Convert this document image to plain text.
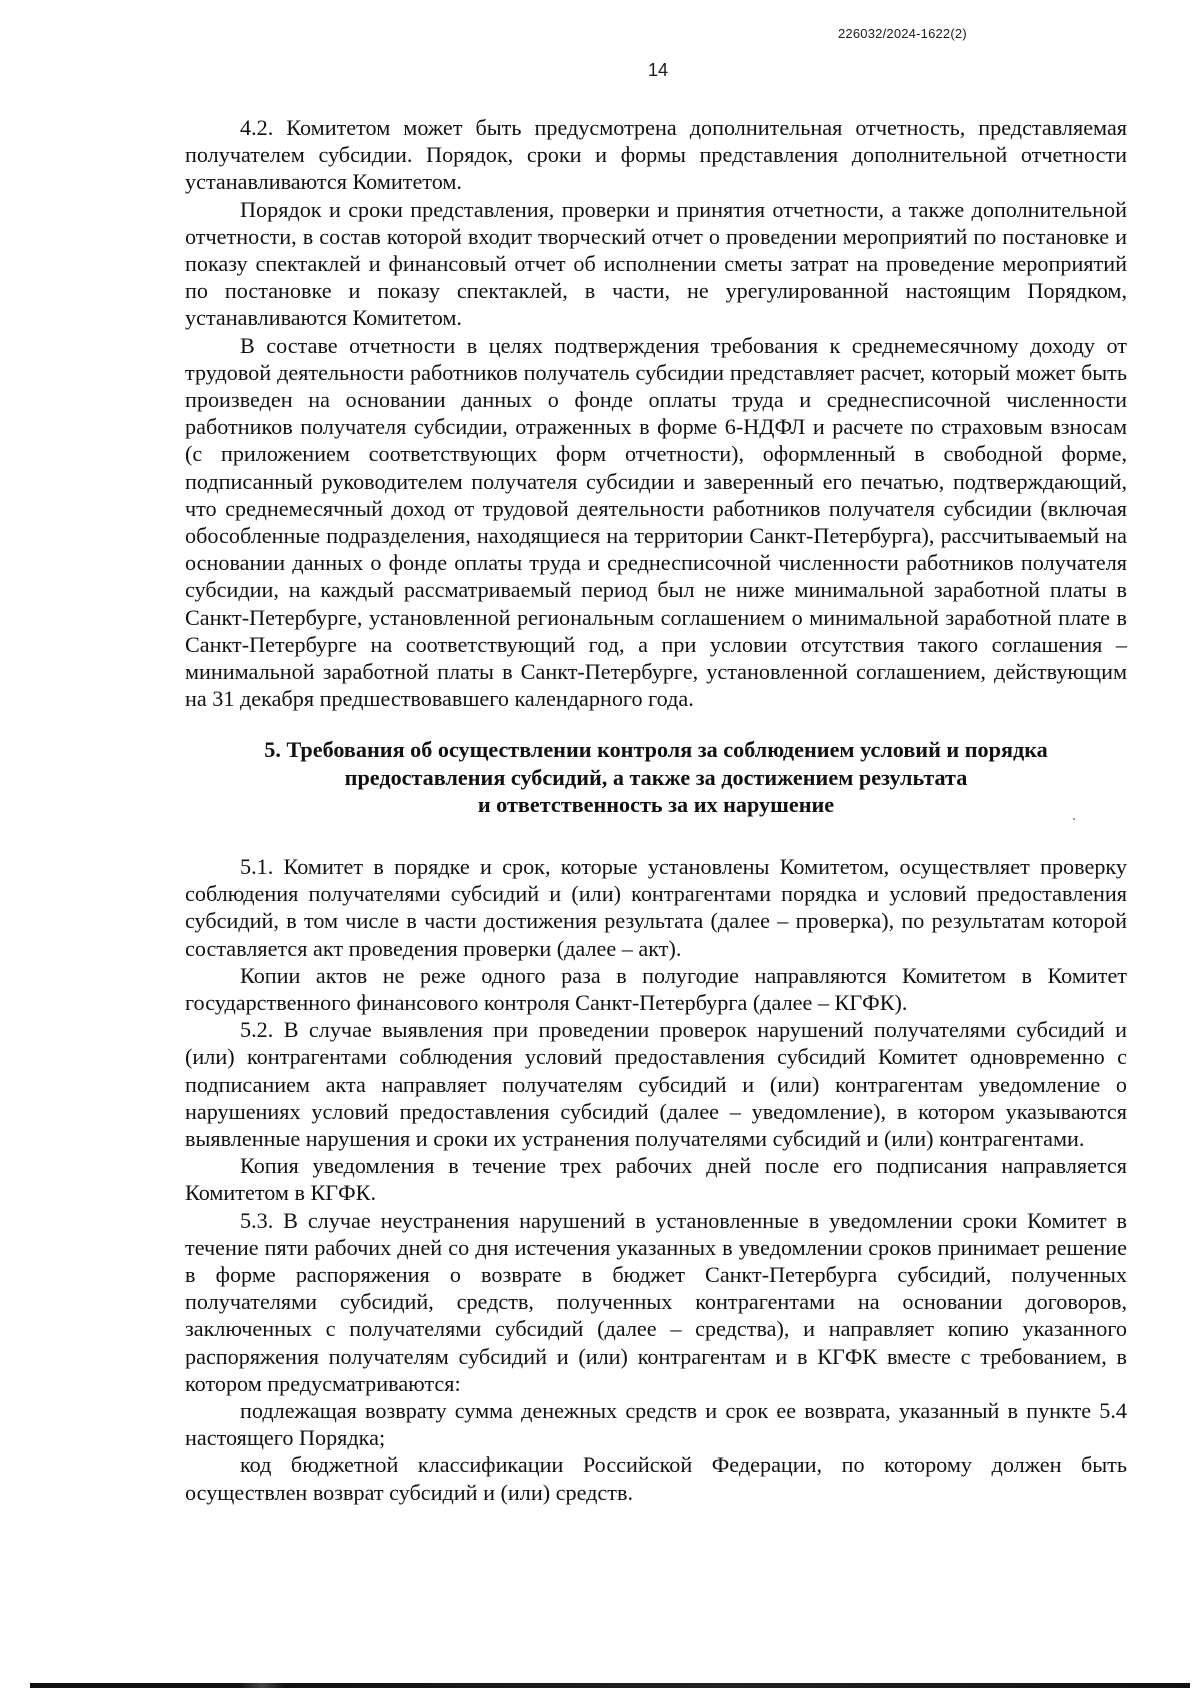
226032/2024-1622(2)
14

4.2. Комитетом может быть предусмотрена дополнительная отчетность, представляемая получателем субсидии. Порядок, сроки и формы представления дополнительной отчетности устанавливаются Комитетом.

Порядок и сроки представления, проверки и принятия отчетности, а также дополнительной отчетности, в состав которой входит творческий отчет о проведении мероприятий по постановке и показу спектаклей и финансовый отчет об исполнении сметы затрат на проведение мероприятий по постановке и показу спектаклей, в части, не урегулированной настоящим Порядком, устанавливаются Комитетом.

В составе отчетности в целях подтверждения требования к среднемесячному доходу от трудовой деятельности работников получатель субсидии представляет расчет, который может быть произведен на основании данных о фонде оплаты труда и среднесписочной численности работников получателя субсидии, отраженных в форме 6-НДФЛ и расчете по страховым взносам (с приложением соответствующих форм отчетности), оформленный в свободной форме, подписанный руководителем получателя субсидии и заверенный его печатью, подтверждающий, что среднемесячный доход от трудовой деятельности работников получателя субсидии (включая обособленные подразделения, находящиеся на территории Санкт-Петербурга), рассчитываемый на основании данных о фонде оплаты труда и среднесписочной численности работников получателя субсидии, на каждый рассматриваемый период был не ниже минимальной заработной платы в Санкт-Петербурге, установленной региональным соглашением о минимальной заработной плате в Санкт-Петербурге на соответствующий год, а при условии отсутствия такого соглашения – минимальной заработной платы в Санкт-Петербурге, установленной соглашением, действующим на 31 декабря предшествовавшего календарного года.

5. Требования об осуществлении контроля за соблюдением условий и порядка
предоставления субсидий, а также за достижением результата
и ответственность за их нарушение

5.1. Комитет в порядке и срок, которые установлены Комитетом, осуществляет проверку соблюдения получателями субсидий и (или) контрагентами порядка и условий предоставления субсидий, в том числе в части достижения результата (далее – проверка), по результатам которой составляется акт проведения проверки (далее – акт).

Копии актов не реже одного раза в полугодие направляются Комитетом в Комитет государственного финансового контроля Санкт-Петербурга (далее – КГФК).

5.2. В случае выявления при проведении проверок нарушений получателями субсидий и (или) контрагентами соблюдения условий предоставления субсидий Комитет одновременно с подписанием акта направляет получателям субсидий и (или) контрагентам уведомление о нарушениях условий предоставления субсидий (далее – уведомление), в котором указываются выявленные нарушения и сроки их устранения получателями субсидий и (или) контрагентами.

Копия уведомления в течение трех рабочих дней после его подписания направляется Комитетом в КГФК.

5.3. В случае неустранения нарушений в установленные в уведомлении сроки Комитет в течение пяти рабочих дней со дня истечения указанных в уведомлении сроков принимает решение в форме распоряжения о возврате в бюджет Санкт-Петербурга субсидий, полученных получателями субсидий, средств, полученных контрагентами на основании договоров, заключенных с получателями субсидий (далее – средства), и направляет копию указанного распоряжения получателям субсидий и (или) контрагентам и в КГФК вместе с требованием, в котором предусматриваются:

подлежащая возврату сумма денежных средств и срок ее возврата, указанный в пункте 5.4 настоящего Порядка;

код бюджетной классификации Российской Федерации, по которому должен быть осуществлен возврат субсидий и (или) средств.
